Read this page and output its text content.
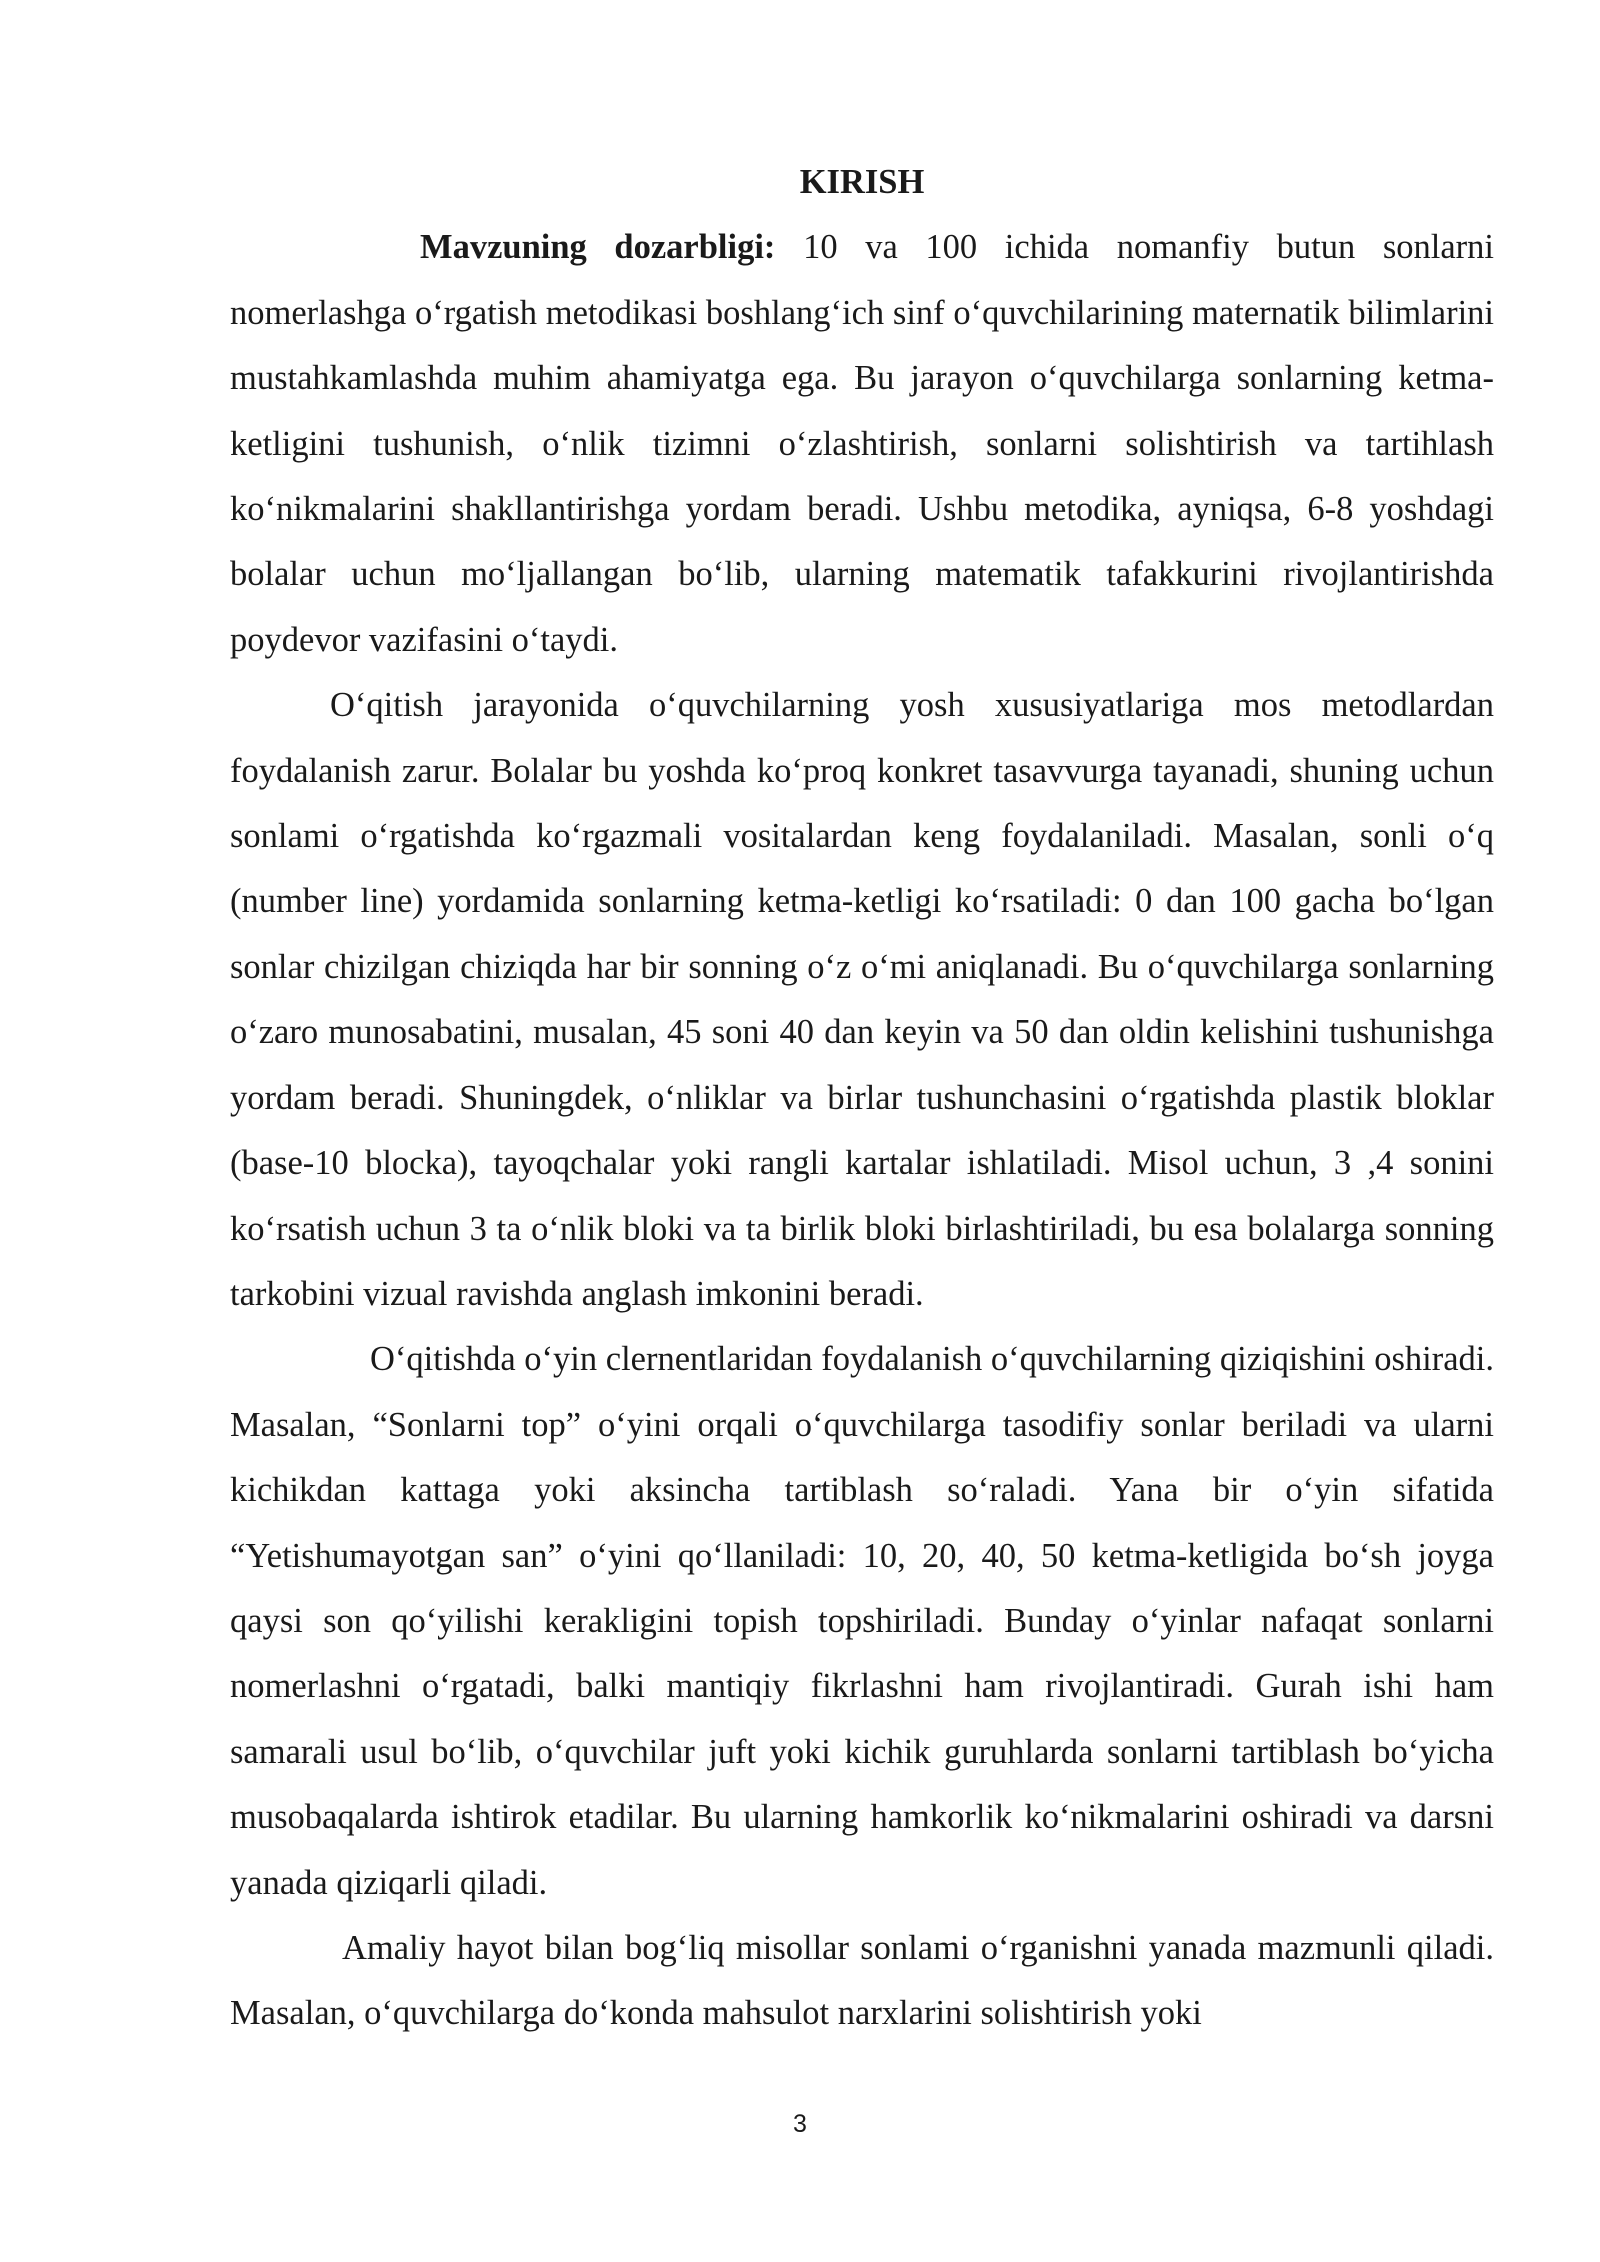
KIRISH

Mavzuning dozarbligi: 10 va 100 ichida nomanfiy butun sonlarni nomerlashga o‘rgatish metodikasi boshlang‘ich sinf o‘quvchilarining maternatik bilimlarini mustahkamlashda muhim ahamiyatga ega. Bu jarayon o‘quvchilarga sonlarning ketma-ketligini tushunish, o‘nlik tizimni o‘zlashtirish, sonlarni solishtirish va tartihlash ko‘nikmalarini shakllantirishga yordam beradi. Ushbu metodika, ayniqsa, 6-8 yoshdagi bolalar uchun mo‘ljallangan bo‘lib, ularning matematik tafakkurini rivojlantirishda poydevor vazifasini o‘taydi.

O‘qitish jarayonida o‘quvchilarning yosh xususiyatlariga mos metodlardan foydalanish zarur. Bolalar bu yoshda ko‘proq konkret tasavvurga tayanadi, shuning uchun sonlami o‘rgatishda ko‘rgazmali vositalardan keng foydalaniladi. Masalan, sonli o‘q (number line) yordamida sonlarning ketma-ketligi ko‘rsatiladi: 0 dan 100 gacha bo‘lgan sonlar chizilgan chiziqda har bir sonning o‘z o‘mi aniqlanadi. Bu o‘quvchilarga sonlarning o‘zaro munosabatini, musalan, 45 soni 40 dan keyin va 50 dan oldin kelishini tushunishga yordam beradi. Shuningdek, o‘nliklar va birlar tushunchasini o‘rgatishda plastik bloklar (base-10 blocka), tayoqchalar yoki rangli kartalar ishlatiladi. Misol uchun, 3 ,4 sonini ko‘rsatish uchun 3 ta o‘nlik bloki va ta birlik bloki birlashtiriladi, bu esa bolalarga sonning tarkobini vizual ravishda anglash imkonini beradi.

O‘qitishda o‘yin clernentlaridan foydalanish o‘quvchilarning qiziqishini oshiradi. Masalan, “Sonlarni top” o‘yini orqali o‘quvchilarga tasodifiy sonlar beriladi va ularni kichikdan kattaga yoki aksincha tartiblash so‘raladi. Yana bir o‘yin sifatida “Yetishumayotgan san” o‘yini qo‘llaniladi: 10, 20, 40, 50 ketma-ketligida bo‘sh joyga qaysi son qo‘yilishi kerakligini topish topshiriladi. Bunday o‘yinlar nafaqat sonlarni nomerlashni o‘rgatadi, balki mantiqiy fikrlashni ham rivojlantiradi. Gurah ishi ham samarali usul bo‘lib, o‘quvchilar juft yoki kichik guruhlarda sonlarni tartiblash bo‘yicha musobaqalarda ishtirok etadilar. Bu ularning hamkorlik ko‘nikmalarini oshiradi va darsni yanada qiziqarli qiladi.

Amaliy hayot bilan bog‘liq misollar sonlami o‘rganishni yanada mazmunli qiladi. Masalan, o‘quvchilarga do‘konda mahsulot narxlarini solishtirish yoki

3
